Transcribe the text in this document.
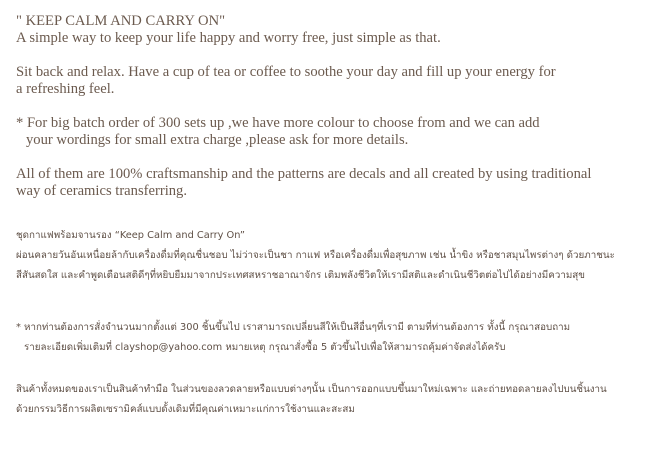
" KEEP CALM AND CARRY ON"

A simple way to keep your life happy and worry free, just simple as that.

Sit back and relax. Have a cup of tea or coffee to soothe your day and fill up your energy for

a refreshing feel.

* For big batch order of 300 sets up ,we have more colour to choose from and we can add

your wordings for small extra charge ,please ask for more details.

All of them are 100% craftsmanship and the patterns are decals and all created by using traditional

way of ceramics transferring.

ชุดกาแฟพร้อมจานรอง “Keep Calm and Carry On”

ผ่อนคลายวันอันเหนื่อยล้ากับเครื่องดื่มที่คุณชื่นชอบ ไม่ว่าจะเป็นชา กาแฟ หรือเครื่องดื่มเพื่อสุขภาพ เช่น น้ำขิง หรือชาสมุนไพรต่างๆ ด้วยภาชนะ

สีสันสดใส และคำพูดเตือนสติดีๆที่หยิบยืมมาจากประเทศสหราชอาณาจักร เติมพลังชีวิตให้เรามีสติและดำเนินชีวิตต่อไปได้อย่างมีความสุข

* หากท่านต้องการสั่งจำนวนมากตั้งแต่ 300 ชิ้นขึ้นไป เราสามารถเปลี่ยนสีให้เป็นสีอื่นๆที่เรามี ตามที่ท่านต้องการ ทั้งนี้ กรุณาสอบถาม

รายละเอียดเพิ่มเติมที่ clayshop@yahoo.com หมายเหตุ กรุณาสั่งซื้อ 5 ตัวขึ้นไปเพื่อให้สามารถคุ้มค่าจัดส่งได้ครับ

สินค้าทั้งหมดของเราเป็นสินค้าทำมือ ในส่วนของลวดลายหรือแบบต่างๆนั้น เป็นการออกแบบขึ้นมาใหม่เฉพาะ และถ่ายทอดลายลงไปบนชิ้นงาน

ด้วยกรรมวิธีการผลิตเซรามิคส์แบบดั้งเดิมที่มีคุณค่าเหมาะแก่การใช้งานและสะสม
